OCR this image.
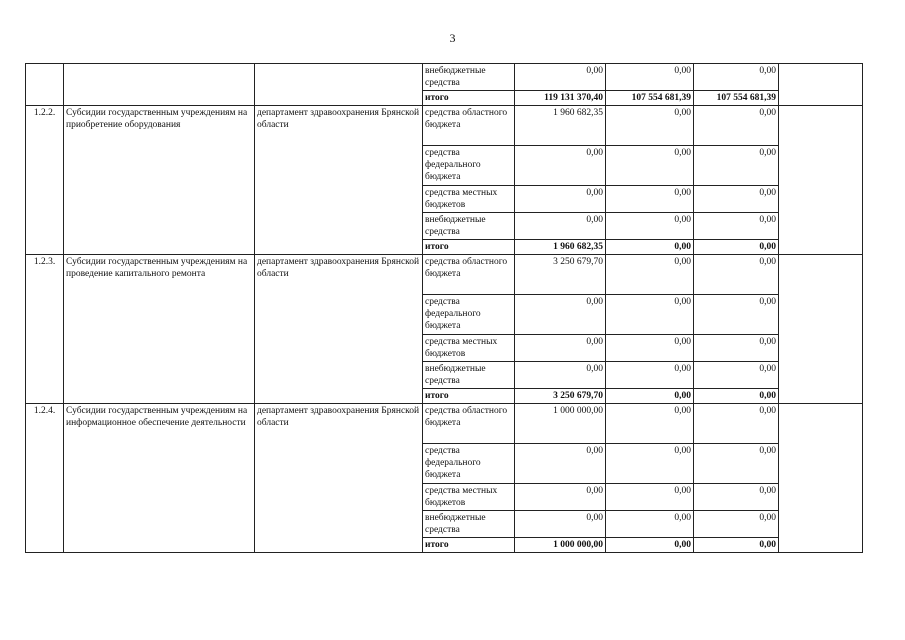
3
			внебюджетные средства	0,00	0,00	0,00	
			итого	119 131 370,40	107 554 681,39	107 554 681,39	
1.2.2.	Субсидии государственным учреждениям на приобретение оборудования	департамент здравоохранения Брянской области	средства областного бюджета	1 960 682,35	0,00	0,00	
			средства федерального бюджета	0,00	0,00	0,00	
			средства местных бюджетов	0,00	0,00	0,00	
			внебюджетные средства	0,00	0,00	0,00	
			итого	1 960 682,35	0,00	0,00	
1.2.3.	Субсидии государственным учреждениям на проведение капитального ремонта	департамент здравоохранения Брянской области	средства областного бюджета	3 250 679,70	0,00	0,00	
			средства федерального бюджета	0,00	0,00	0,00	
			средства местных бюджетов	0,00	0,00	0,00	
			внебюджетные средства	0,00	0,00	0,00	
			итого	3 250 679,70	0,00	0,00	
1.2.4.	Субсидии государственным учреждениям на информационное обеспечение деятельности	департамент здравоохранения Брянской области	средства областного бюджета	1 000 000,00	0,00	0,00	
			средства федерального бюджета	0,00	0,00	0,00	
			средства местных бюджетов	0,00	0,00	0,00	
			внебюджетные средства	0,00	0,00	0,00	
			итого	1 000 000,00	0,00	0,00	
